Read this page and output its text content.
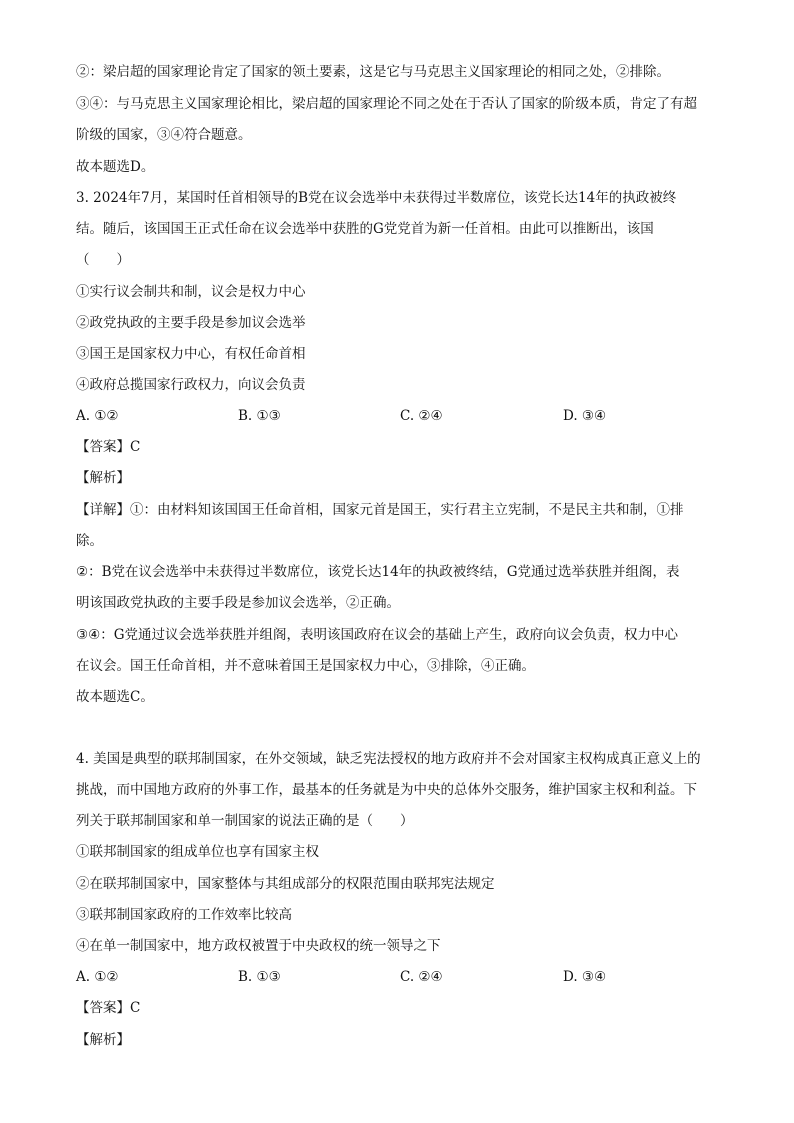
②：梁启超的国家理论肯定了国家的领土要素，这是它与马克思主义国家理论的相同之处，②排除。
③④：与马克思主义国家理论相比，梁启超的国家理论不同之处在于否认了国家的阶级本质，肯定了有超
阶级的国家，③④符合题意。
故本题选D。
3. 2024年7月，某国时任首相领导的B党在议会选举中未获得过半数席位，该党长达14年的执政被终
结。随后，该国国王正式任命在议会选举中获胜的G党党首为新一任首相。由此可以推断出，该国
（　　）
①实行议会制共和制，议会是权力中心
②政党执政的主要手段是参加议会选举
③国王是国家权力中心，有权任命首相
④政府总揽国家行政权力，向议会负责
A. ①②	B. ①③	C. ②④	D. ③④
【答案】C
【解析】
【详解】①：由材料知该国国王任命首相，国家元首是国王，实行君主立宪制，不是民主共和制，①排
除。
②：B党在议会选举中未获得过半数席位，该党长达14年的执政被终结，G党通过选举获胜并组阁，表
明该国政党执政的主要手段是参加议会选举，②正确。
③④：G党通过议会选举获胜并组阁，表明该国政府在议会的基础上产生，政府向议会负责，权力中心
在议会。国王任命首相，并不意味着国王是国家权力中心，③排除，④正确。
故本题选C。
4. 美国是典型的联邦制国家，在外交领域，缺乏宪法授权的地方政府并不会对国家主权构成真正意义上的
挑战，而中国地方政府的外事工作，最基本的任务就是为中央的总体外交服务，维护国家主权和利益。下
列关于联邦制国家和单一制国家的说法正确的是（　　）
①联邦制国家的组成单位也享有国家主权
②在联邦制国家中，国家整体与其组成部分的权限范围由联邦宪法规定
③联邦制国家政府的工作效率比较高
④在单一制国家中，地方政权被置于中央政权的统一领导之下
A. ①②	B. ①③	C. ②④	D. ③④
【答案】C
【解析】
